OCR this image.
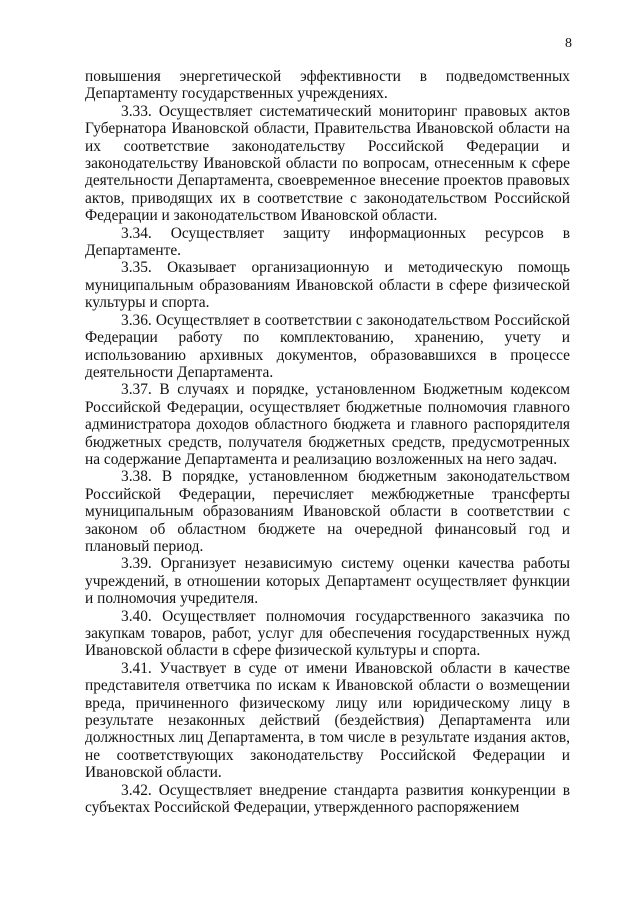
8

повышения энергетической эффективности в подведомственных Департаменту государственных учреждениях.

3.33. Осуществляет систематический мониторинг правовых актов Губернатора Ивановской области, Правительства Ивановской области на их соответствие законодательству Российской Федерации и законодательству Ивановской области по вопросам, отнесенным к сфере деятельности Департамента, своевременное внесение проектов правовых актов, приводящих их в соответствие с законодательством Российской Федерации и законодательством Ивановской области.

3.34. Осуществляет защиту информационных ресурсов в Департаменте.

3.35. Оказывает организационную и методическую помощь муниципальным образованиям Ивановской области в сфере физической культуры и спорта.

3.36. Осуществляет в соответствии с законодательством Российской Федерации работу по комплектованию, хранению, учету и использованию архивных документов, образовавшихся в процессе деятельности Департамента.

3.37. В случаях и порядке, установленном Бюджетным кодексом Российской Федерации, осуществляет бюджетные полномочия главного администратора доходов областного бюджета и главного распорядителя бюджетных средств, получателя бюджетных средств, предусмотренных на содержание Департамента и реализацию возложенных на него задач.

3.38. В порядке, установленном бюджетным законодательством Российской Федерации, перечисляет межбюджетные трансферты муниципальным образованиям Ивановской области в соответствии с законом об областном бюджете на очередной финансовый год и плановый период.

3.39. Организует независимую систему оценки качества работы учреждений, в отношении которых Департамент осуществляет функции и полномочия учредителя.

3.40. Осуществляет полномочия государственного заказчика по закупкам товаров, работ, услуг для обеспечения государственных нужд Ивановской области в сфере физической культуры и спорта.

3.41. Участвует в суде от имени Ивановской области в качестве представителя ответчика по искам к Ивановской области о возмещении вреда, причиненного физическому лицу или юридическому лицу в результате незаконных действий (бездействия) Департамента или должностных лиц Департамента, в том числе в результате издания актов, не соответствующих законодательству Российской Федерации и Ивановской области.

3.42. Осуществляет внедрение стандарта развития конкуренции в субъектах Российской Федерации, утвержденного распоряжением
